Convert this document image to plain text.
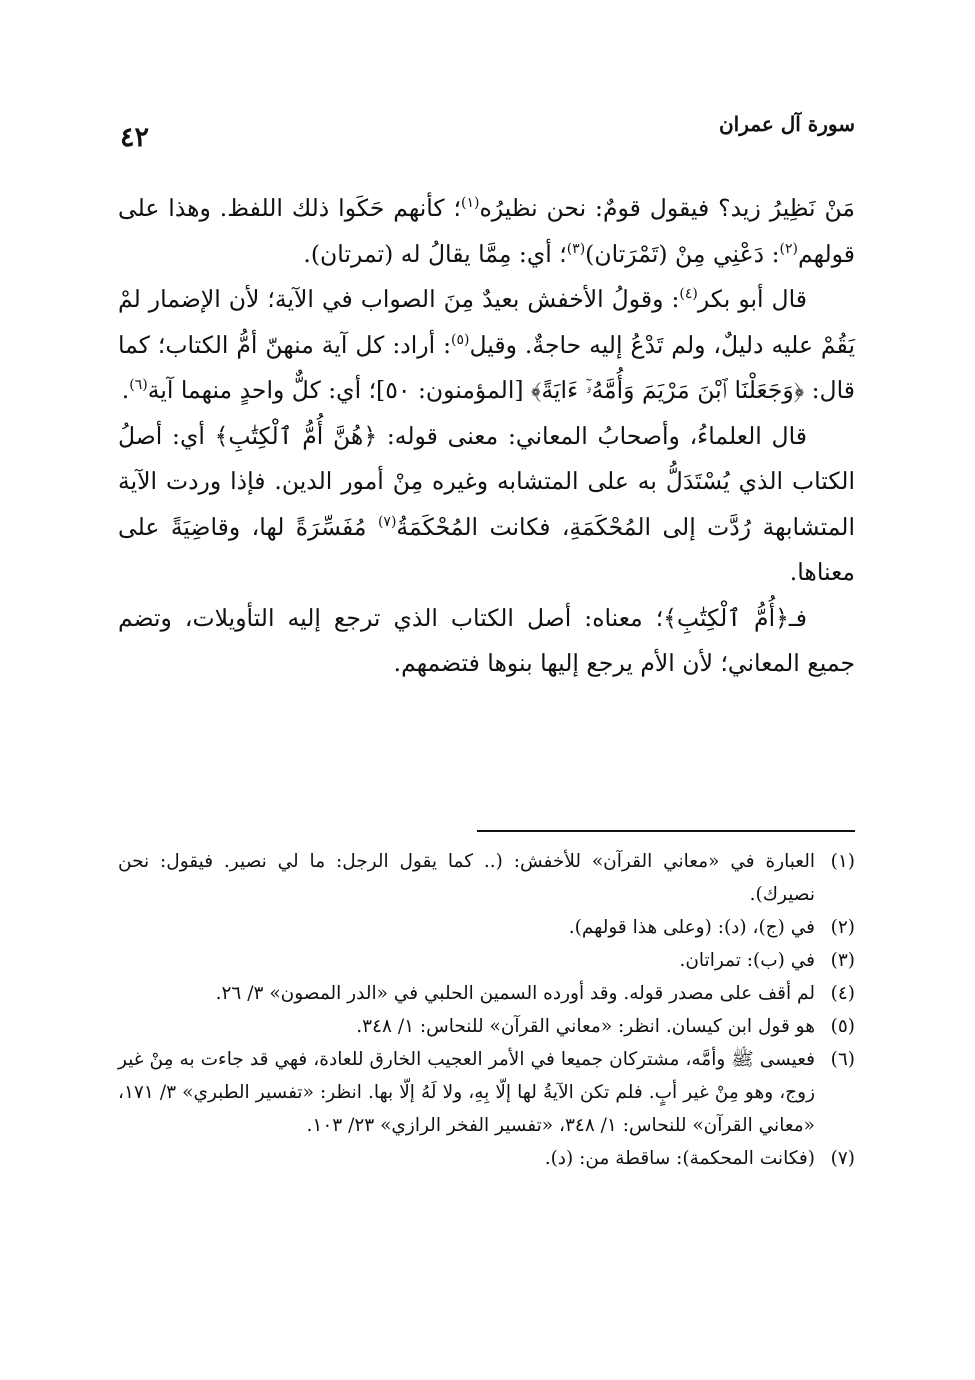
سورة آل عمران
٤٢

مَنْ نَظِيرُ زيد؟ فيقول قومٌ: نحن نظيرُه$^{(١)}$؛ كأنهم حَكَوا ذلك اللفظ. وهذا على قولهم$^{(٢)}$: دَعْنِي مِنْ (تَمْرَتان)$^{(٣)}$؛ أي: مِمَّا يقالُ له (تمرتان).

قال أبو بكر$^{(٤)}$: وقولُ الأخفش بعيدٌ مِنَ الصواب في الآية؛ لأن الإضمار لمْ يَقُمْ عليه دليلٌ، ولم تَدْعُ إليه حاجةٌ. وقيل$^{(٥)}$: أراد: كل آية منهنّ أمُّ الكتاب؛ كما قال: ﴿وَجَعَلْنَا ٱبْنَ مَرْيَمَ وَأُمَّهُۥٓ ءَايَةً﴾ [المؤمنون: ٥٠]؛ أي: كلٌّ واحدٍ منهما آية$^{(٦)}$.

قال العلماءُ، وأصحابُ المعاني: معنى قوله: ﴿هُنَّ أُمُّ ٱلْكِتَٰبِ﴾ أي: أصلُ الكتاب الذي يُسْتَدَلُّ به على المتشابه وغيره مِنْ أمور الدين. فإذا وردت الآية المتشابهة رُدَّت إلى المُحْكَمَةِ، فكانت المُحْكَمَةُ$^{(٧)}$ مُفَسِّرَةً لها، وقاضِيَةً على معناها.

فـ﴿أُمُّ ٱلْكِتَٰبِ﴾؛ معناه: أصل الكتاب الذي ترجع إليه التأويلات، وتضم جميع المعاني؛ لأن الأم يرجع إليها بنوها فتضمهم.

(١)
العبارة في «معاني القرآن» للأخفش: (.. كما يقول الرجل: ما لي نصير. فيقول: نحن نصيرك).
(٢)
في (ج)، (د): (وعلى هذا قولهم).
(٣)
في (ب): تمراتان.
(٤)
لم أقف على مصدر قوله. وقد أورده السمين الحلبي في «الدر المصون» ٣/ ٢٦.
(٥)
هو قول ابن كيسان. انظر: «معاني القرآن» للنحاس: ١/ ٣٤٨.
(٦)
فعيسى ﷺ وأمَّه، مشتركان جميعا في الأمر العجيب الخارق للعادة، فهي قد جاءت به مِنْ غير زوج، وهو مِنْ غير أبٍ. فلم تكن الآيةُ لها إلّا بِهِ، ولا لَهُ إلّا بها. انظر: «تفسير الطبري» ٣/ ١٧١، «معاني القرآن» للنحاس: ١/ ٣٤٨، «تفسير الفخر الرازي» ٢٣/ ١٠٣.
(٧)
(فكانت المحكمة): ساقطة من: (د).
